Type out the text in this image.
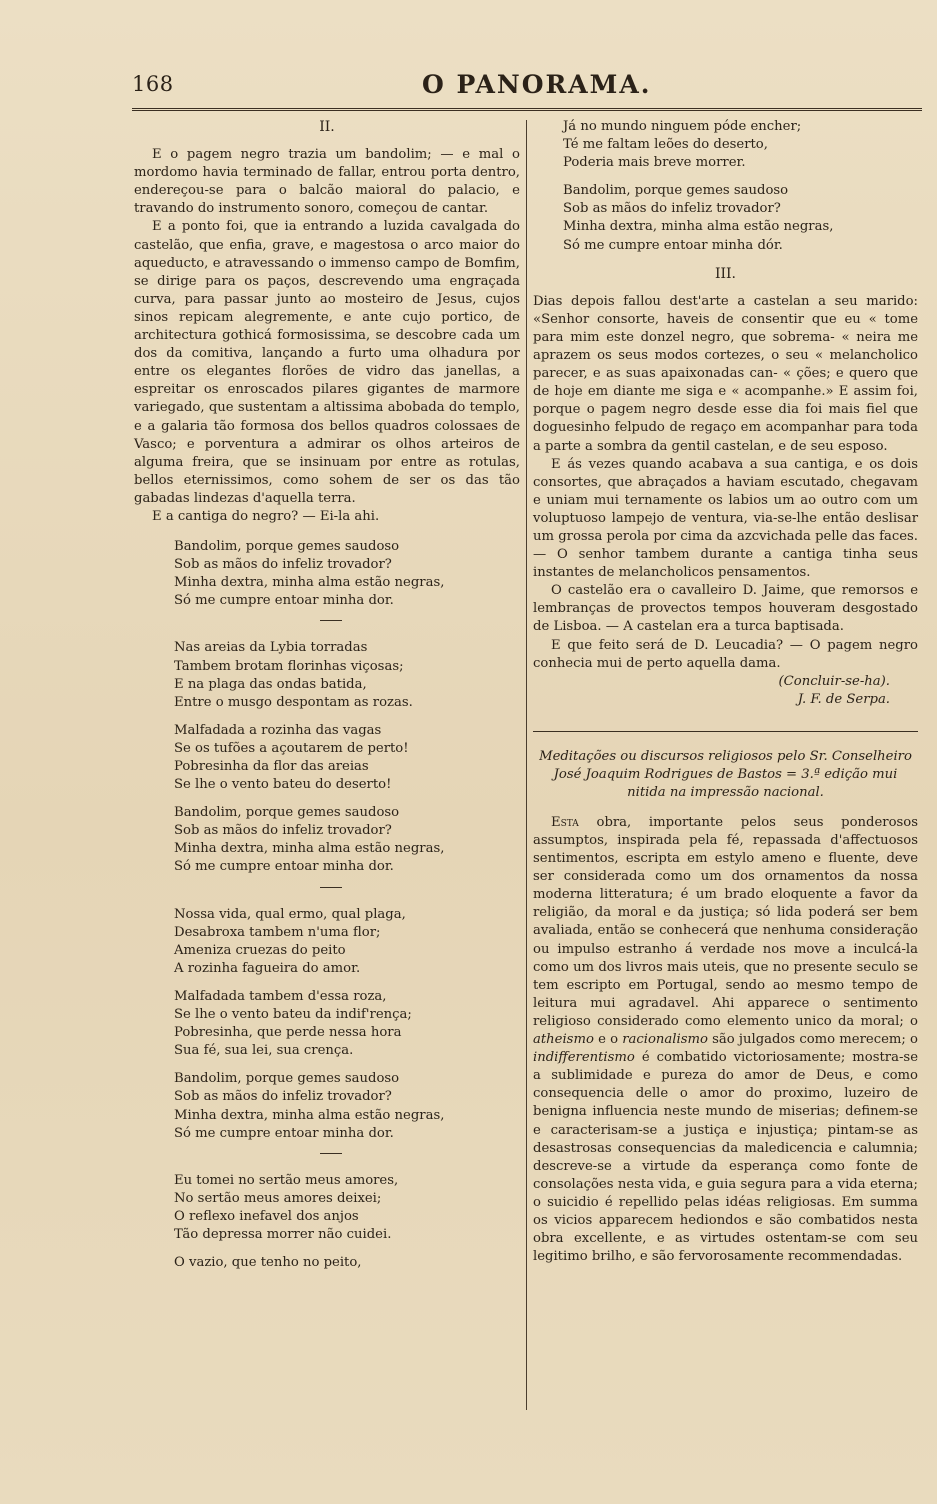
168	O PANORAMA.
II.

E o pagem negro trazia um bandolim; — e mal o mordomo havia terminado de fallar, entrou porta dentro, endereçou-se para o balcão maioral do palacio, e travando do instrumento sonoro, começou de cantar.

E a ponto foi, que ia entrando a luzida cavalgada do castelão, que enfia, grave, e magestosa o arco maior do aqueducto, e atravessando o immenso campo de Bomfim, se dirige para os paços, descrevendo uma engraçada curva, para passar junto ao mosteiro de Jesus, cujos sinos repicam alegremente, e ante cujo portico, de architectura gothicá formosissima, se descobre cada um dos da comitiva, lançando a furto uma olhadura por entre os elegantes florões de vidro das janellas, a espreitar os enroscados pilares gigantes de marmore variegado, que sustentam a altissima abobada do templo, e a galaria tão formosa dos bellos quadros colossaes de Vasco; e porventura a admirar os olhos arteiros de alguma freira, que se insinuam por entre as rotulas, bellos eternissimos, como sohem de ser os das tão gabadas lindezas d'aquella terra.

E a cantiga do negro? — Ei-la ahi.

Bandolim, porque gemes saudoso
Sob as mãos do infeliz trovador?
Minha dextra, minha alma estão negras,
Só me cumpre entoar minha dor.
Nas areias da Lybia torradas
Tambem brotam florinhas viçosas;
E na plaga das ondas batida,
Entre o musgo despontam as rozas.
Malfadada a rozinha das vagas
Se os tufões a açoutarem de perto!
Pobresinha da flor das areias
Se lhe o vento bateu do deserto!
Bandolim, porque gemes saudoso
Sob as mãos do infeliz trovador?
Minha dextra, minha alma estão negras,
Só me cumpre entoar minha dor.
Nossa vida, qual ermo, qual plaga,
Desabroxa tambem n'uma flor;
Ameniza cruezas do peito
A rozinha fagueira do amor.
Malfadada tambem d'essa roza,
Se lhe o vento bateu da indif'rença;
Pobresinha, que perde nessa hora
Sua fé, sua lei, sua crença.
Bandolim, porque gemes saudoso
Sob as mãos do infeliz trovador?
Minha dextra, minha alma estão negras,
Só me cumpre entoar minha dor.
Eu tomei no sertão meus amores,
No sertão meus amores deixei;
O reflexo inefavel dos anjos
Tão depressa morrer não cuidei.
O vazio, que tenho no peito,
Já no mundo ninguem póde encher;
Té me faltam leões do deserto,
Poderia mais breve morrer.
Bandolim, porque gemes saudoso
Sob as mãos do infeliz trovador?
Minha dextra, minha alma estão negras,
Só me cumpre entoar minha dór.
III.

Dias depois fallou dest'arte a castelan a seu marido: «Senhor consorte, haveis de consentir que eu « tome para mim este donzel negro, que sobrema- « neira me aprazem os seus modos cortezes, o seu « melancholico parecer, e as suas apaixonadas can- « ções; e quero que de hoje em diante me siga e « acompanhe.» E assim foi, porque o pagem negro desde esse dia foi mais fiel que doguesinho felpudo de regaço em acompanhar para toda a parte a sombra da gentil castelan, e de seu esposo.

E ás vezes quando acabava a sua cantiga, e os dois consortes, que abraçados a haviam escutado, chegavam e uniam mui ternamente os labios um ao outro com um voluptuoso lampejo de ventura, via-se-lhe então deslisar um grossa perola por cima da azcvichada pelle das faces. — O senhor tambem durante a cantiga tinha seus instantes de melancholicos pensamentos.

O castelão era o cavalleiro D. Jaime, que remorsos e lembranças de provectos tempos houveram desgostado de Lisboa. — A castelan era a turca baptisada.

E que feito será de D. Leucadia? — O pagem negro conhecia mui de perto aquella dama.

(Concluir-se-ha).
J. F. de Serpa.
Meditações ou discursos religiosos pelo Sr. Conselheiro José Joaquim Rodrigues de Bastos = 3.ª edição mui nitida na impressão nacional.

Esta obra, importante pelos seus ponderosos assumptos, inspirada pela fé, repassada d'affectuosos sentimentos, escripta em estylo ameno e fluente, deve ser considerada como um dos ornamentos da nossa moderna litteratura; é um brado eloquente a favor da religião, da moral e da justiça; só lida poderá ser bem avaliada, então se conhecerá que nenhuma consideração ou impulso estranho á verdade nos move a inculcá-la como um dos livros mais uteis, que no presente seculo se tem escripto em Portugal, sendo ao mesmo tempo de leitura mui agradavel. Ahi apparece o sentimento religioso considerado como elemento unico da moral; o atheismo e o racionalismo são julgados como merecem; o indifferentismo é combatido victoriosamente; mostra-se a sublimidade e pureza do amor de Deus, e como consequencia delle o amor do proximo, luzeiro de benigna influencia neste mundo de miserias; definem-se e caracterisam-se a justiça e injustiça; pintam-se as desastrosas consequencias da maledicencia e calumnia; descreve-se a virtude da esperança como fonte de consolações nesta vida, e guia segura para a vida eterna; o suicidio é repellido pelas idéas religiosas. Em summa os vicios apparecem hediondos e são combatidos nesta obra excellente, e as virtudes ostentam-se com seu legitimo brilho, e são fervorosamente recommendadas.
